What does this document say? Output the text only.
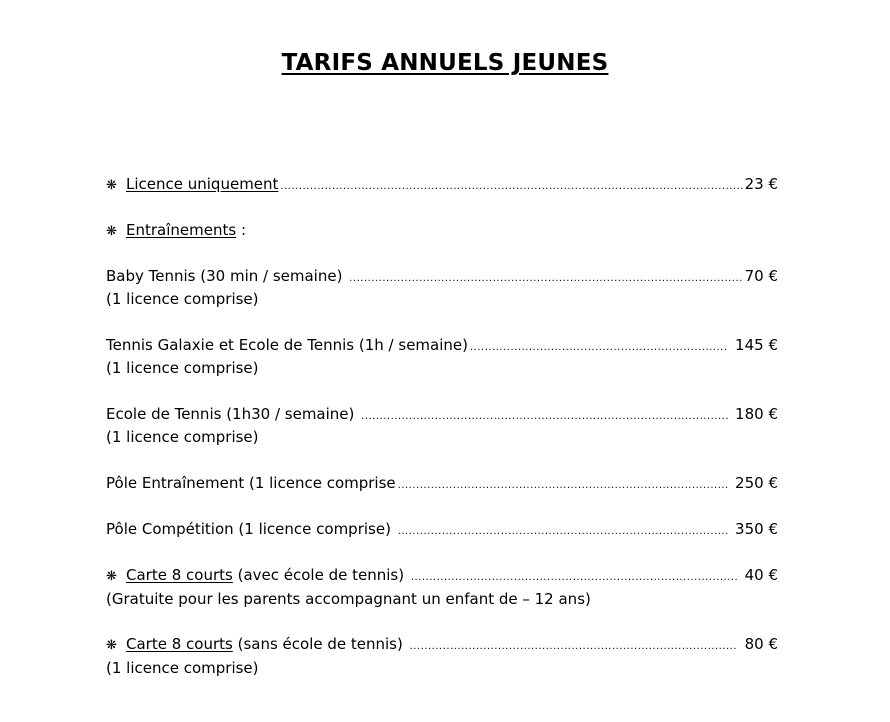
TARIFS ANNUELS JEUNES
❋ Licence uniquement .....	23 €
❋ Entraînements :
Baby Tennis (30 min / semaine) .....	70 €
(1 licence comprise)
Tennis Galaxie et Ecole de Tennis (1h / semaine) .....	145 €
(1 licence comprise)
Ecole de Tennis (1h30 / semaine) .....	180 €
(1 licence comprise)
Pôle Entraînement (1 licence comprise .....	250 €
Pôle Compétition (1 licence comprise) .....	350 €
❋ Carte 8 courts (avec école de tennis) .....	40 €
(Gratuite pour les parents accompagnant un enfant de – 12 ans)
❋ Carte 8 courts (sans école de tennis) .....	80 €
(1 licence comprise)
